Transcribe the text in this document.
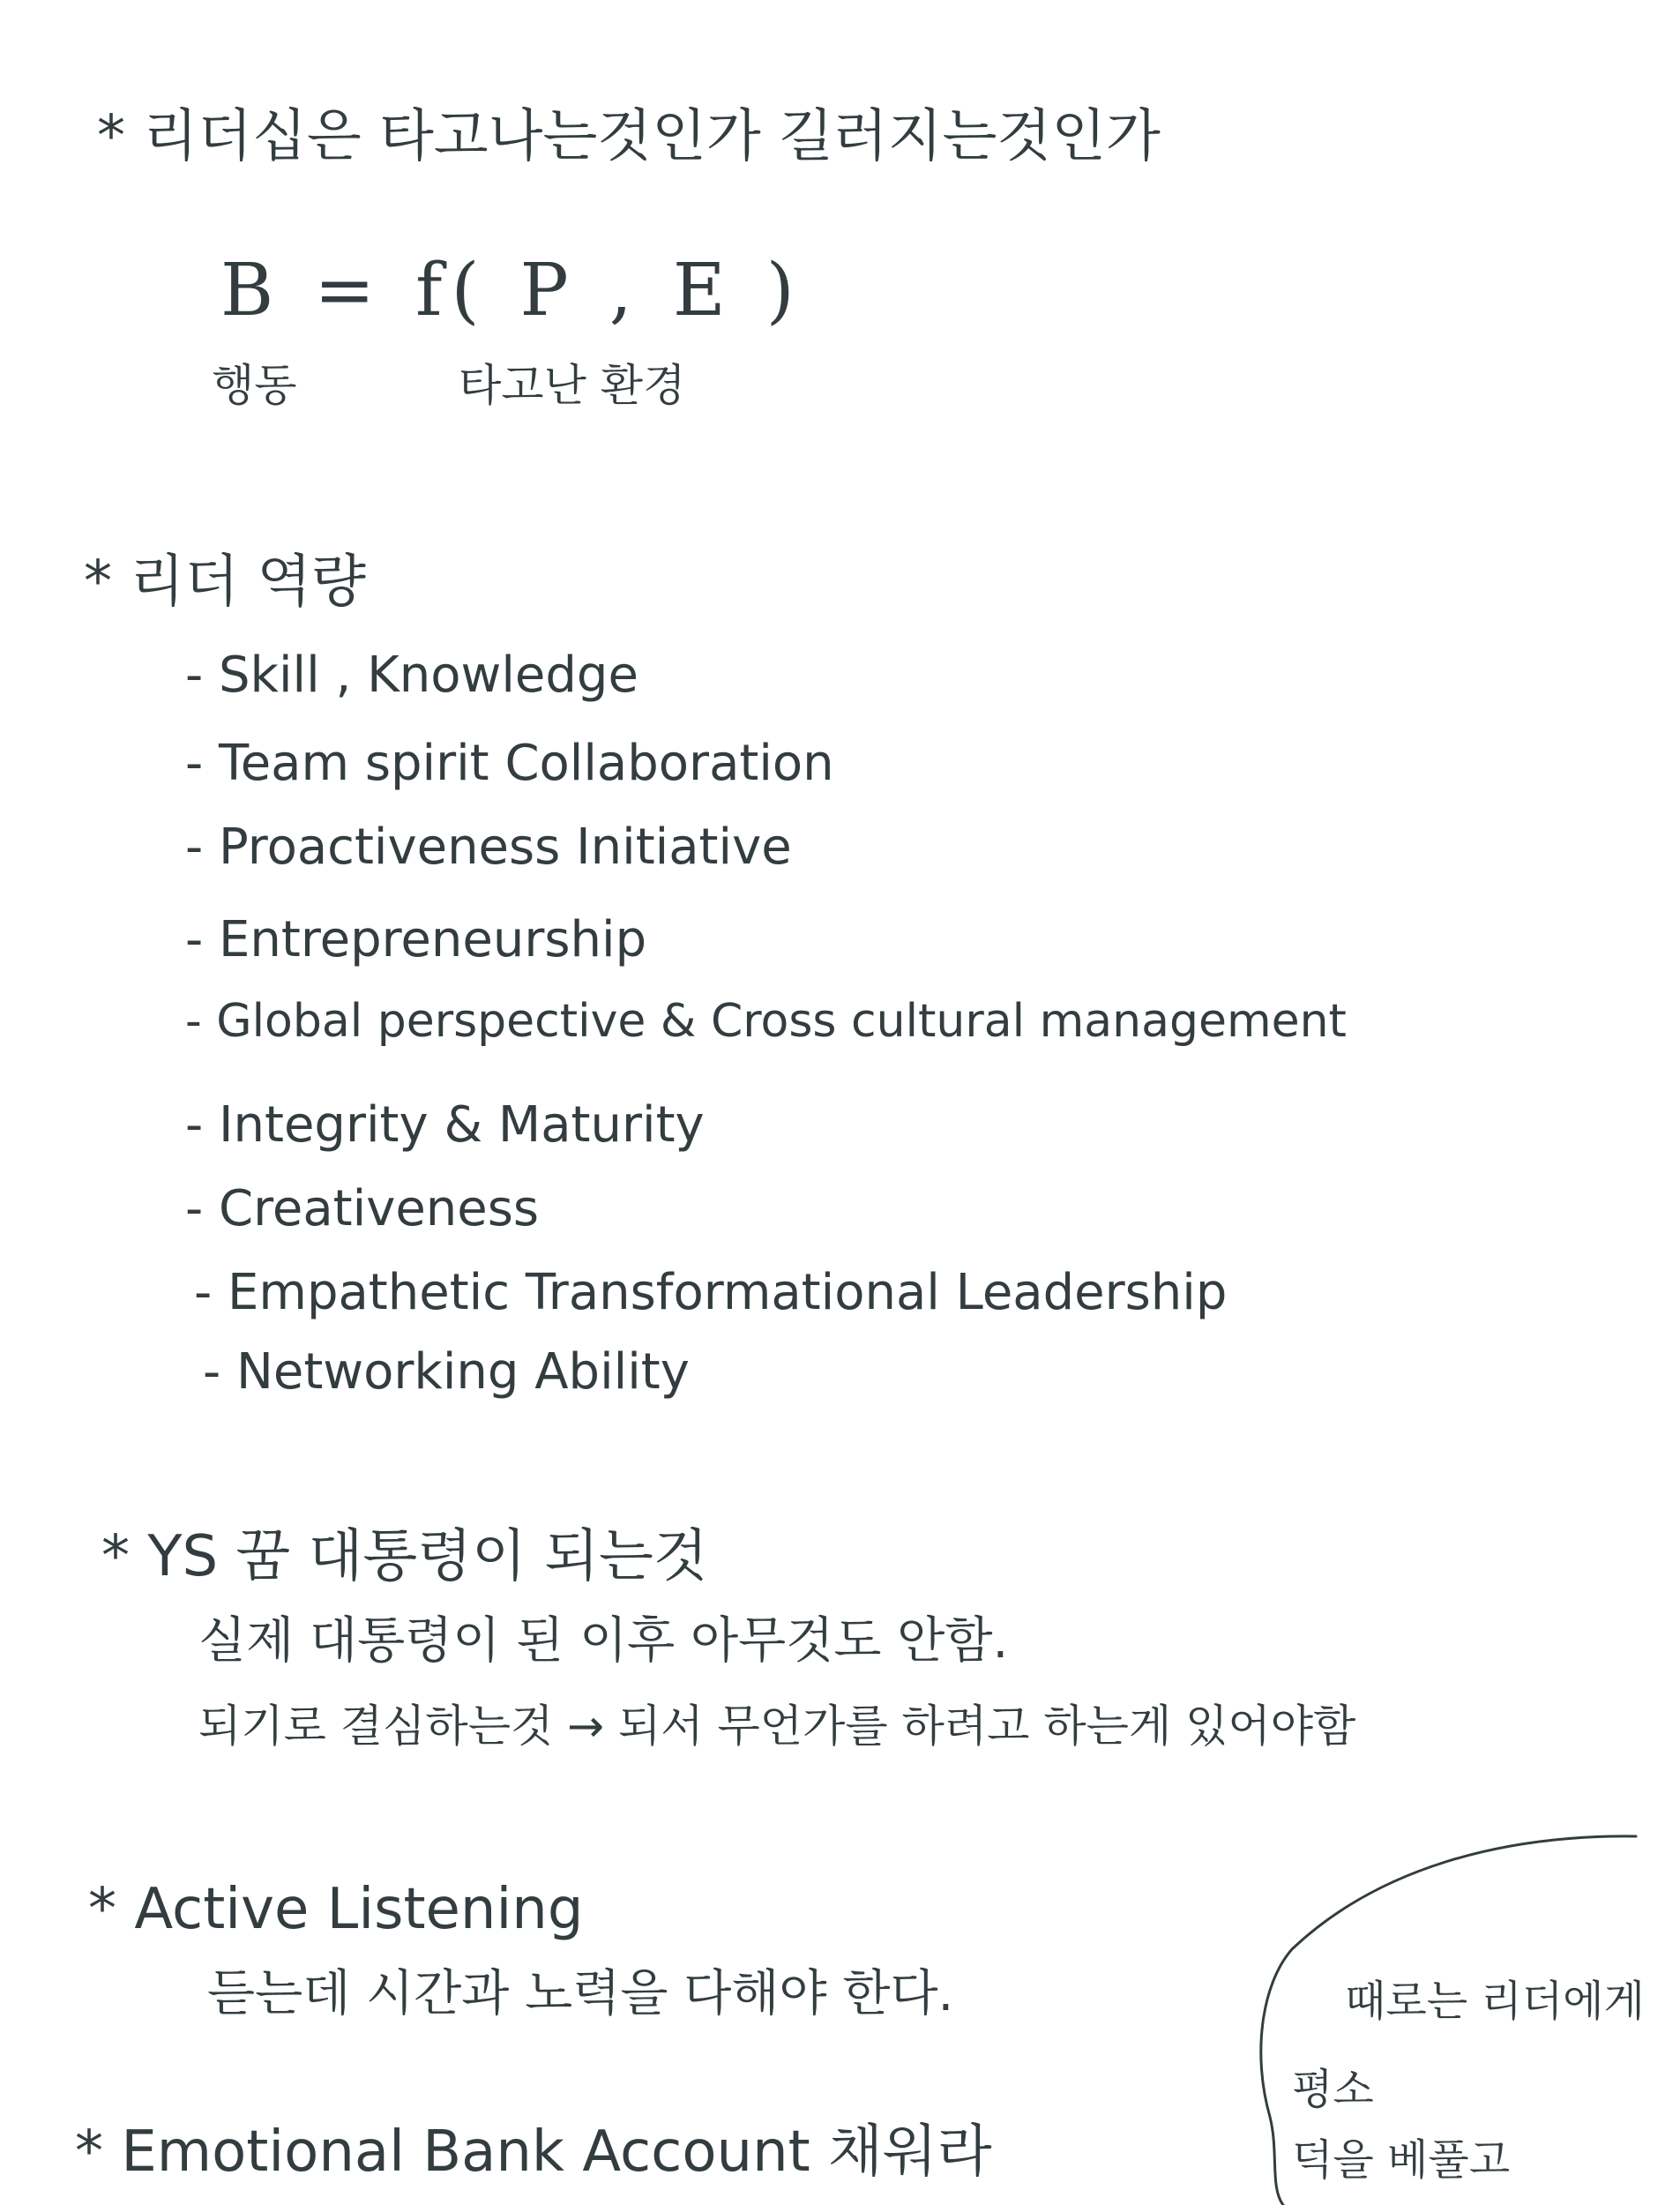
* 리더십은 타고나는것인가 길러지는것인가
B = f( P , E )
행동	타고난 환경
* 리더 역량
- Skill , Knowledge
- Team spirit Collaboration
- Proactiveness Initiative
- Entrepreneurship
- Global perspective & Cross cultural management
- Integrity & Maturity
- Creativeness
- Empathetic Transformational Leadership
- Networking Ability
* YS 꿈 대통령이 되는것
실제 대통령이 된 이후 아무것도 안함.
되기로 결심하는것 → 되서 무언가를 하려고 하는게 있어야함
* Active Listening
듣는데 시간과 노력을 다해야 한다.
* Emotional Bank Account 채워라
때로는 리더에게
평소
덕을 베풀고
